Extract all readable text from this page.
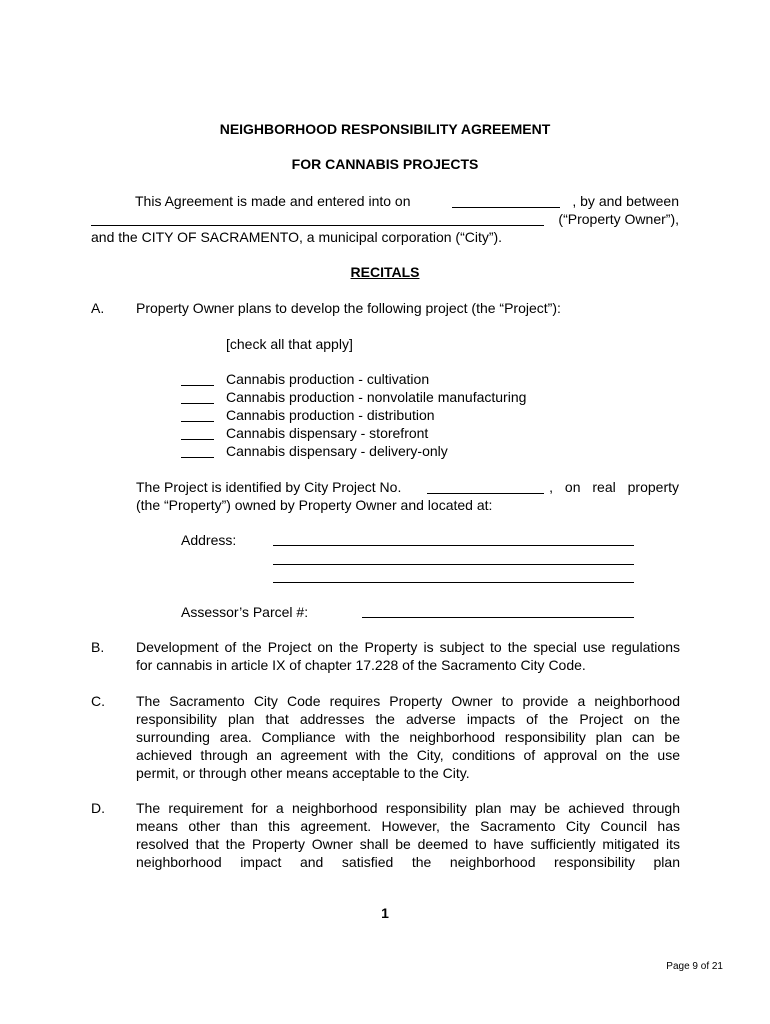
NEIGHBORHOOD RESPONSIBILITY AGREEMENT
FOR CANNABIS PROJECTS
This Agreement is made and entered into on	, by and between
(“Property Owner”),
and the CITY OF SACRAMENTO, a municipal corporation (“City”).
RECITALS
A. Property Owner plans to develop the following project (the “Project”):
[check all that apply]
Cannabis production - cultivation
Cannabis production - nonvolatile manufacturing
Cannabis production - distribution
Cannabis dispensary - storefront
Cannabis dispensary - delivery-only
The Project is identified by City Project No.	, on real property
(the “Property”) owned by Property Owner and located at:
Address:
Assessor’s Parcel #:
B. Development of the Project on the Property is subject to the special use regulations
for cannabis in article IX of chapter 17.228 of the Sacramento City Code.
C. The Sacramento City Code requires Property Owner to provide a neighborhood
responsibility plan that addresses the adverse impacts of the Project on the
surrounding area. Compliance with the neighborhood responsibility plan can be
achieved through an agreement with the City, conditions of approval on the use
permit, or through other means acceptable to the City.
D. The requirement for a neighborhood responsibility plan may be achieved through
means other than this agreement. However, the Sacramento City Council has
resolved that the Property Owner shall be deemed to have sufficiently mitigated its
neighborhood impact and satisfied the neighborhood responsibility plan
1
Page 9 of 21
